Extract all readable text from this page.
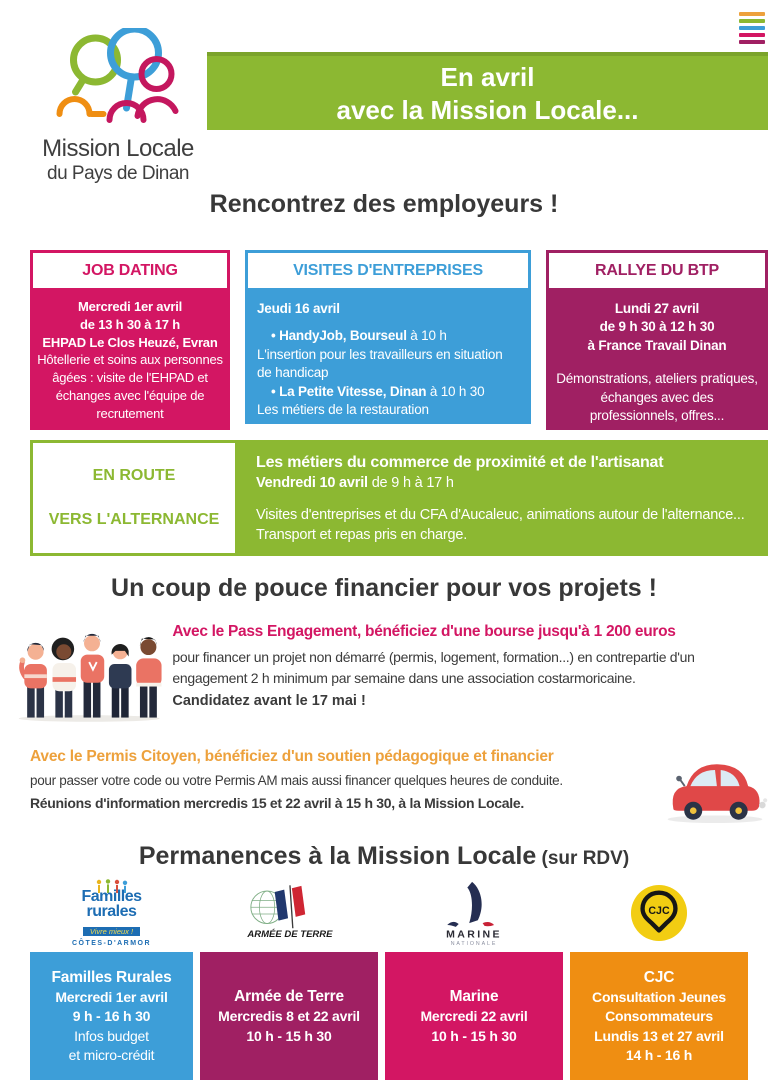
Mission Locale
du Pays de Dinan
En avril
avec la Mission Locale...
Rencontrez des employeurs !
JOB DATING
Mercredi 1er avril
de 13 h 30 à 17 h
EHPAD Le Clos Heuzé, Evran
Hôtellerie et soins aux personnes âgées : visite de l'EHPAD et échanges avec l'équipe de recrutement
VISITES D'ENTREPRISES
Jeudi 16 avril
• HandyJob, Bourseul à 10 h
L'insertion pour les travailleurs en situation de handicap
• La Petite Vitesse, Dinan à 10 h 30
Les métiers de la restauration
RALLYE DU BTP
Lundi 27 avril
de 9 h 30 à 12 h 30
à France Travail Dinan
Démonstrations, ateliers pratiques, échanges avec des professionnels, offres...
EN ROUTE
VERS L'ALTERNANCE
Les métiers du commerce de proximité et de l'artisanat
Vendredi 10 avril de 9 h à 17 h
Visites d'entreprises et du CFA d'Aucaleuc, animations autour de l'alternance... Transport et repas pris en charge.
Un coup de pouce financier pour vos projets !
Avec le Pass Engagement, bénéficiez d'une bourse jusqu'à 1 200 euros
pour financer un projet non démarré (permis, logement, formation...) en contrepartie d'un engagement 2 h minimum par semaine dans une association costarmoricaine.
Candidatez avant le 17 mai !
Avec le Permis Citoyen, bénéficiez d'un soutien pédagogique et financier
pour passer votre code ou votre Permis AM mais aussi financer quelques heures de conduite.
Réunions d'information mercredis 15 et 22 avril à 15 h 30, à la Mission Locale.
Permanences à la Mission Locale (sur RDV)
Familles
rurales
Vivre mieux !
CÔTES-D'ARMOR
ARMÉE DE TERRE	MARINE
NATIONALE
CJC
Familles Rurales
Mercredi 1er avril
9 h - 16 h 30
Infos budget
et micro-crédit
Armée de Terre
Mercredis 8 et 22 avril
10 h - 15 h 30
Marine
Mercredi 22 avril
10 h - 15 h 30
CJC
Consultation Jeunes
Consommateurs
Lundis 13 et 27 avril
14 h - 16 h
